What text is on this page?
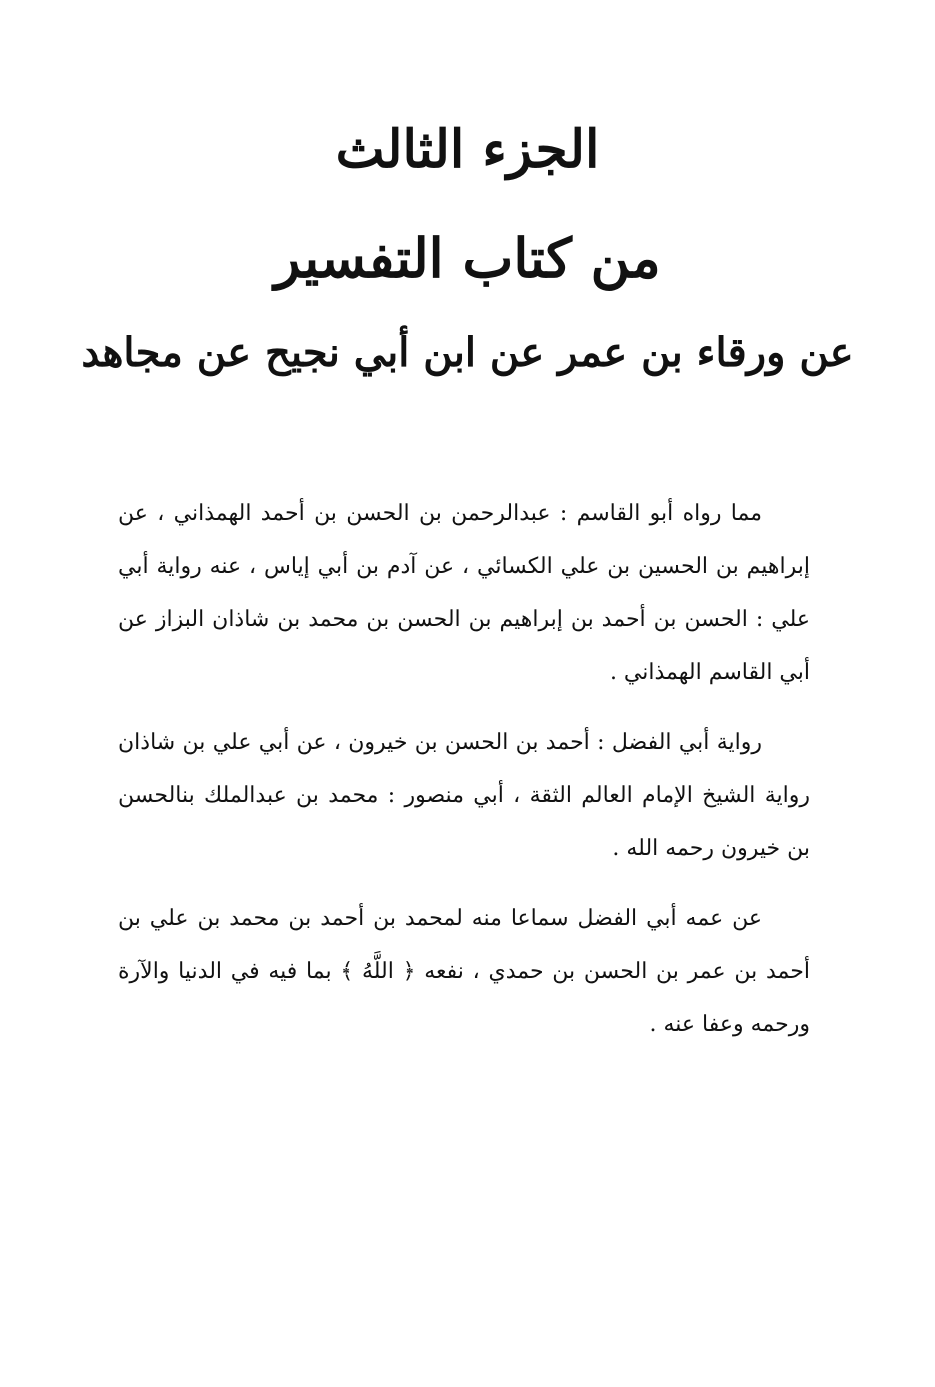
الجزء الثالث
من كتاب التفسير
عن ورقاء بن عمر عن ابن أبي نجيح عن مجاهد

مما رواه أبو القاسم : عبدالرحمن بن الحسن بن أحمد الهمذاني ، عن إبراهيم بن الحسين بن علي الكسائي ، عن آدم بن أبي إياس ، عنه رواية أبي علي : الحسن بن أحمد بن إبراهيم بن الحسن بن محمد بن شاذان البزاز عن أبي القاسم الهمذاني .

رواية أبي الفضل : أحمد بن الحسن بن خيرون ، عن أبي علي بن شاذان رواية الشيخ الإمام العالم الثقة ، أبي منصور : محمد بن عبدالملك بنالحسن بن خيرون رحمه الله .

عن عمه أبي الفضل سماعا منه لمحمد بن أحمد بن محمد بن علي بن أحمد بن عمر بن الحسن بن حمدي ، نفعه ﴿ اللَّهُ ﴾ بما فيه في الدنيا والآرة ورحمه وعفا عنه .
